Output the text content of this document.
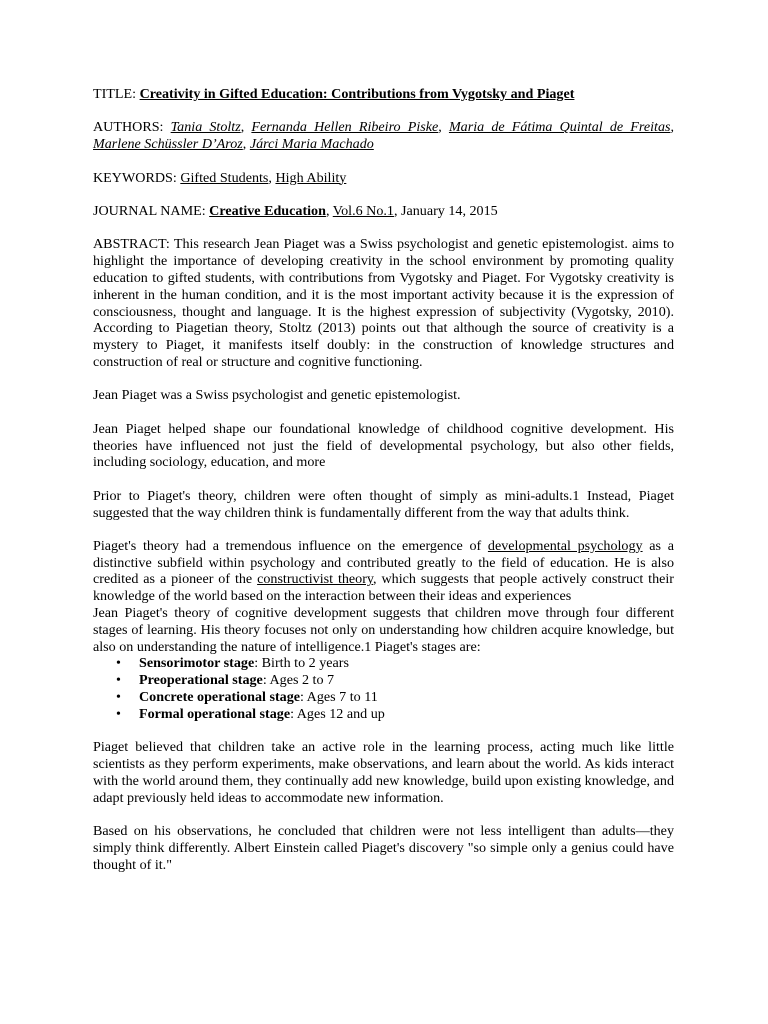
TITLE: Creativity in Gifted Education: Contributions from Vygotsky and Piaget

AUTHORS: Tania Stoltz, Fernanda Hellen Ribeiro Piske, Maria de Fátima Quintal de Freitas, Marlene Schüssler D’Aroz, Járci Maria Machado

KEYWORDS: Gifted Students, High Ability

JOURNAL NAME: Creative Education, Vol.6 No.1, January 14, 2015

ABSTRACT: This research Jean Piaget was a Swiss psychologist and genetic epistemologist. aims to highlight the importance of developing creativity in the school environment by promoting quality education to gifted students, with contributions from Vygotsky and Piaget. For Vygotsky creativity is inherent in the human condition, and it is the most important activity because it is the expression of consciousness, thought and language. It is the highest expression of subjectivity (Vygotsky, 2010). According to Piagetian theory, Stoltz (2013) points out that although the source of creativity is a mystery to Piaget, it manifests itself doubly: in the construction of knowledge structures and construction of real or structure and cognitive functioning.

Jean Piaget was a Swiss psychologist and genetic epistemologist.

Jean Piaget helped shape our foundational knowledge of childhood cognitive development. His theories have influenced not just the field of developmental psychology, but also other fields, including sociology, education, and more

Prior to Piaget's theory, children were often thought of simply as mini-adults.1 Instead, Piaget suggested that the way children think is fundamentally different from the way that adults think.

Piaget's theory had a tremendous influence on the emergence of developmental psychology as a distinctive subfield within psychology and contributed greatly to the field of education. He is also credited as a pioneer of the constructivist theory, which suggests that people actively construct their knowledge of the world based on the interaction between their ideas and experiences

Jean Piaget's theory of cognitive development suggests that children move through four different stages of learning. His theory focuses not only on understanding how children acquire knowledge, but also on understanding the nature of intelligence.1 Piaget's stages are:

• Sensorimotor stage: Birth to 2 years
• Preoperational stage: Ages 2 to 7
• Concrete operational stage: Ages 7 to 11
• Formal operational stage: Ages 12 and up

Piaget believed that children take an active role in the learning process, acting much like little scientists as they perform experiments, make observations, and learn about the world. As kids interact with the world around them, they continually add new knowledge, build upon existing knowledge, and adapt previously held ideas to accommodate new information.

Based on his observations, he concluded that children were not less intelligent than adults—they simply think differently. Albert Einstein called Piaget's discovery "so simple only a genius could have thought of it."
